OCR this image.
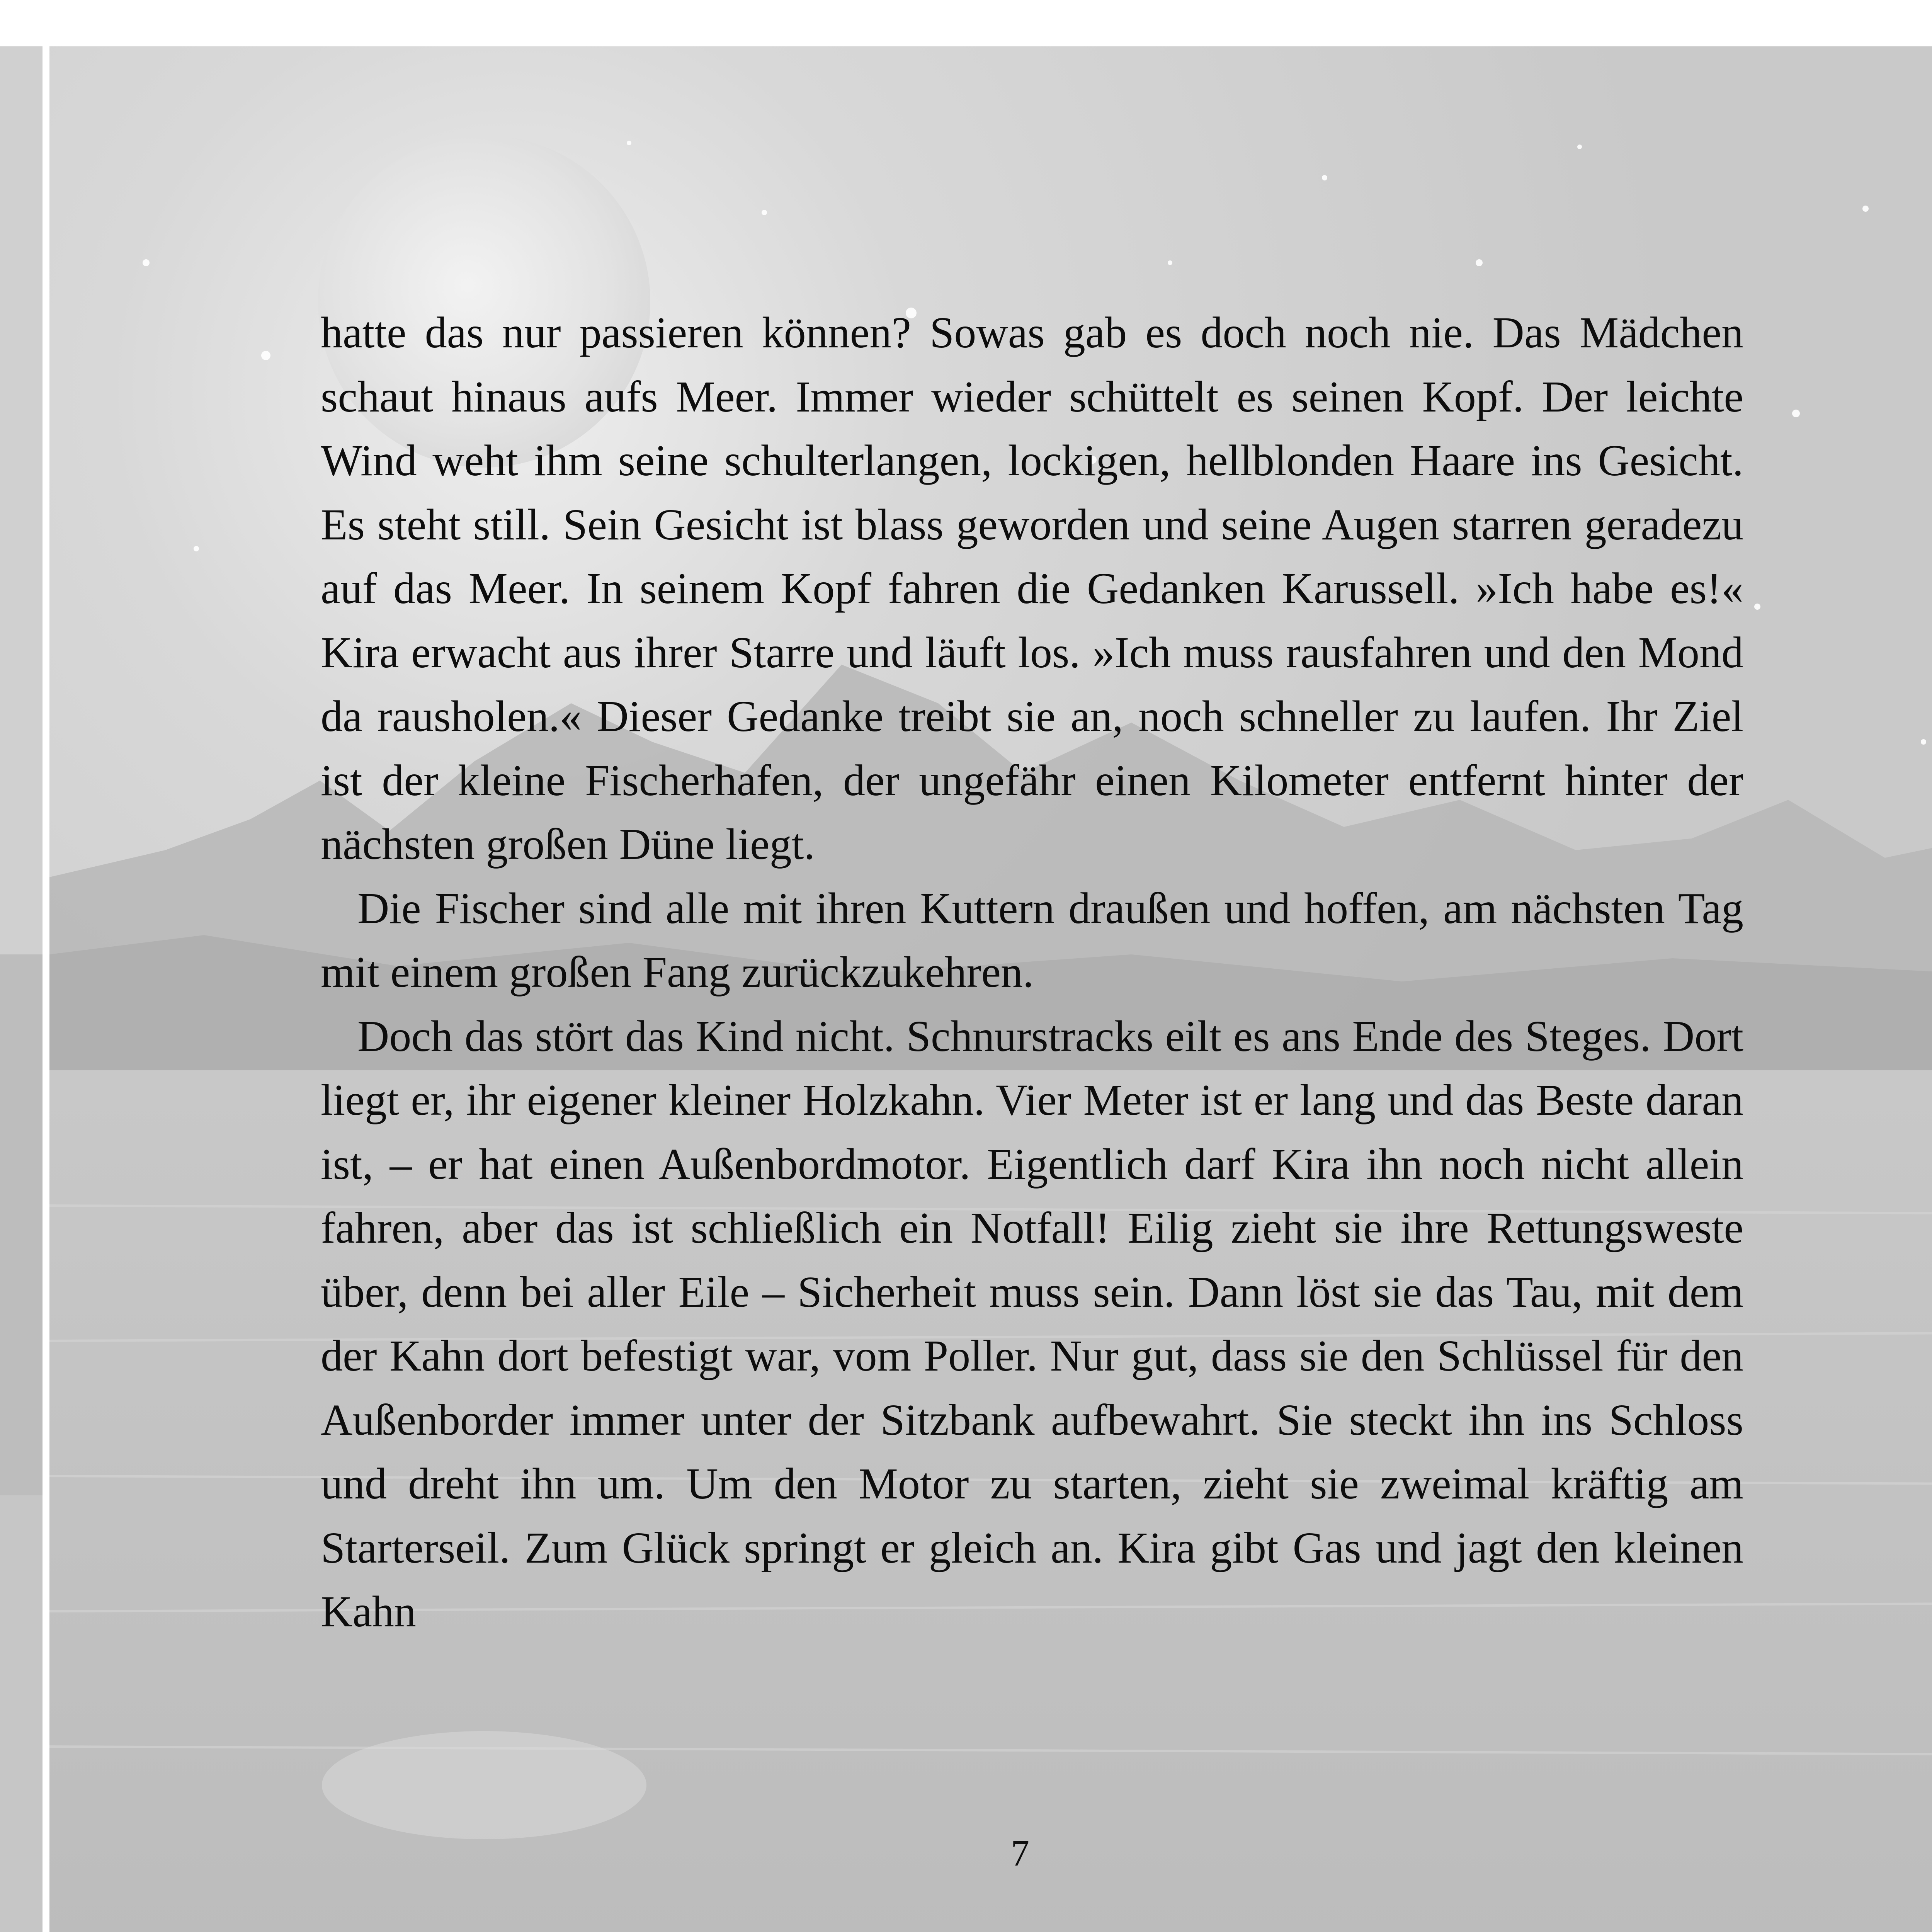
hatte das nur passieren können? Sowas gab es doch noch nie. Das Mädchen schaut hinaus aufs Meer. Immer wieder schüttelt es seinen Kopf. Der leichte Wind weht ihm seine schulterlangen, lockigen, hellblonden Haare ins Gesicht. Es steht still. Sein Gesicht ist blass geworden und seine Augen starren geradezu auf das Meer. In seinem Kopf fahren die Gedanken Karussell. »Ich habe es!« Kira erwacht aus ihrer Starre und läuft los. »Ich muss rausfahren und den Mond da rausholen.« Dieser Gedanke treibt sie an, noch schneller zu laufen. Ihr Ziel ist der kleine Fischerhafen, der ungefähr einen Kilometer entfernt hinter der nächsten großen Düne liegt.

Die Fischer sind alle mit ihren Kuttern draußen und hoffen, am nächsten Tag mit einem großen Fang zurückzukehren.

Doch das stört das Kind nicht. Schnurstracks eilt es ans Ende des Steges. Dort liegt er, ihr eigener kleiner Holzkahn. Vier Meter ist er lang und das Beste daran ist, – er hat einen Außenbordmotor. Eigentlich darf Kira ihn noch nicht allein fahren, aber das ist schließlich ein Notfall! Eilig zieht sie ihre Rettungsweste über, denn bei aller Eile – Sicherheit muss sein. Dann löst sie das Tau, mit dem der Kahn dort befestigt war, vom Poller. Nur gut, dass sie den Schlüssel für den Außenborder immer unter der Sitzbank aufbewahrt. Sie steckt ihn ins Schloss und dreht ihn um. Um den Motor zu starten, zieht sie zweimal kräftig am Starterseil. Zum Glück springt er gleich an. Kira gibt Gas und jagt den kleinen Kahn

7
